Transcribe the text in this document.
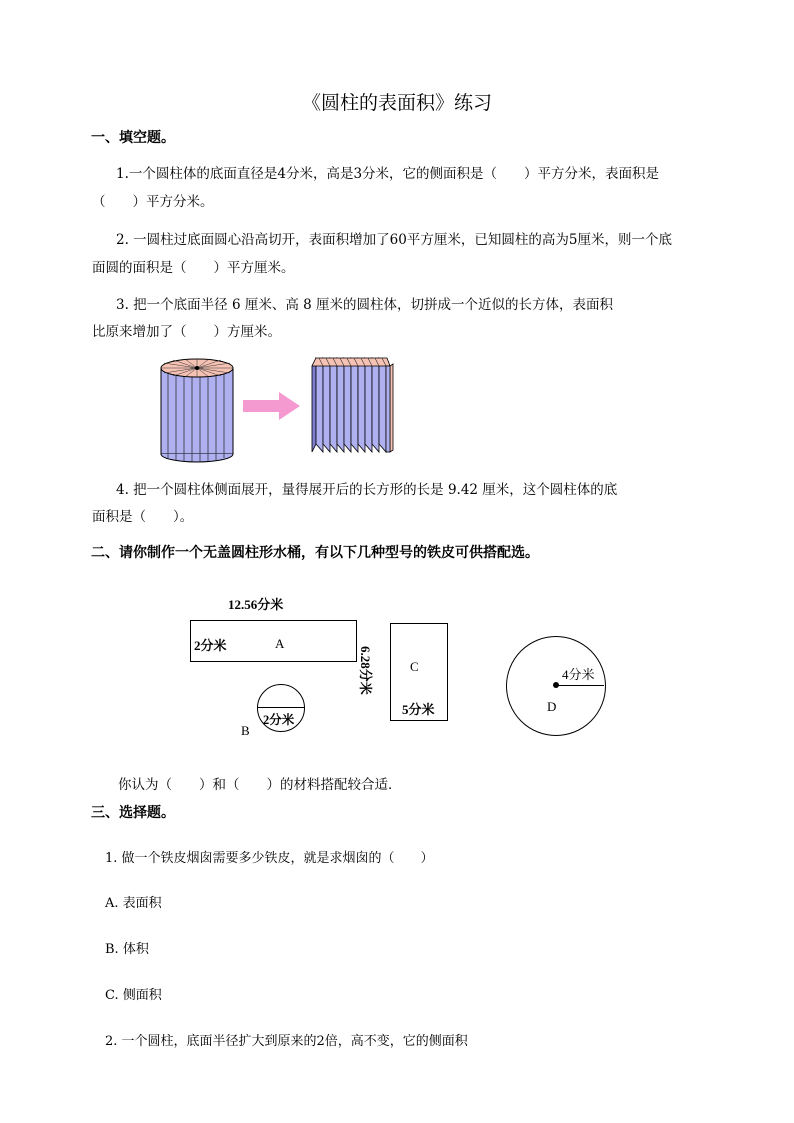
《圆柱的表面积》练习
一、填空题。
1.一个圆柱体的底面直径是4分米，高是3分米，它的侧面积是（　　）平方分米，表面积是
（　　）平方分米。
2. 一圆柱过底面圆心沿高切开，表面积增加了60平方厘米，已知圆柱的高为5厘米，则一个底
面圆的面积是（　　）平方厘米。
3. 把一个底面半径 6 厘米、高 8 厘米的圆柱体，切拼成一个近似的长方体，表面积
比原来增加了（　　）方厘米。
4. 把一个圆柱体侧面展开，量得展开后的长方形的长是 9.42 厘米，这个圆柱体的底
面积是（　　）。
二、请你制作一个无盖圆柱形水桶，有以下几种型号的铁皮可供搭配选。
12.56分米
2分米	A
2分米
B
6.28分米	C
5分米
4分米
D
你认为（　　）和（　　）的材料搭配较合适．
三、选择题。
1. 做一个铁皮烟囱需要多少铁皮，就是求烟囱的（　　）
A. 表面积
B. 体积
C. 侧面积
2. 一个圆柱，底面半径扩大到原来的2倍，高不变，它的侧面积
